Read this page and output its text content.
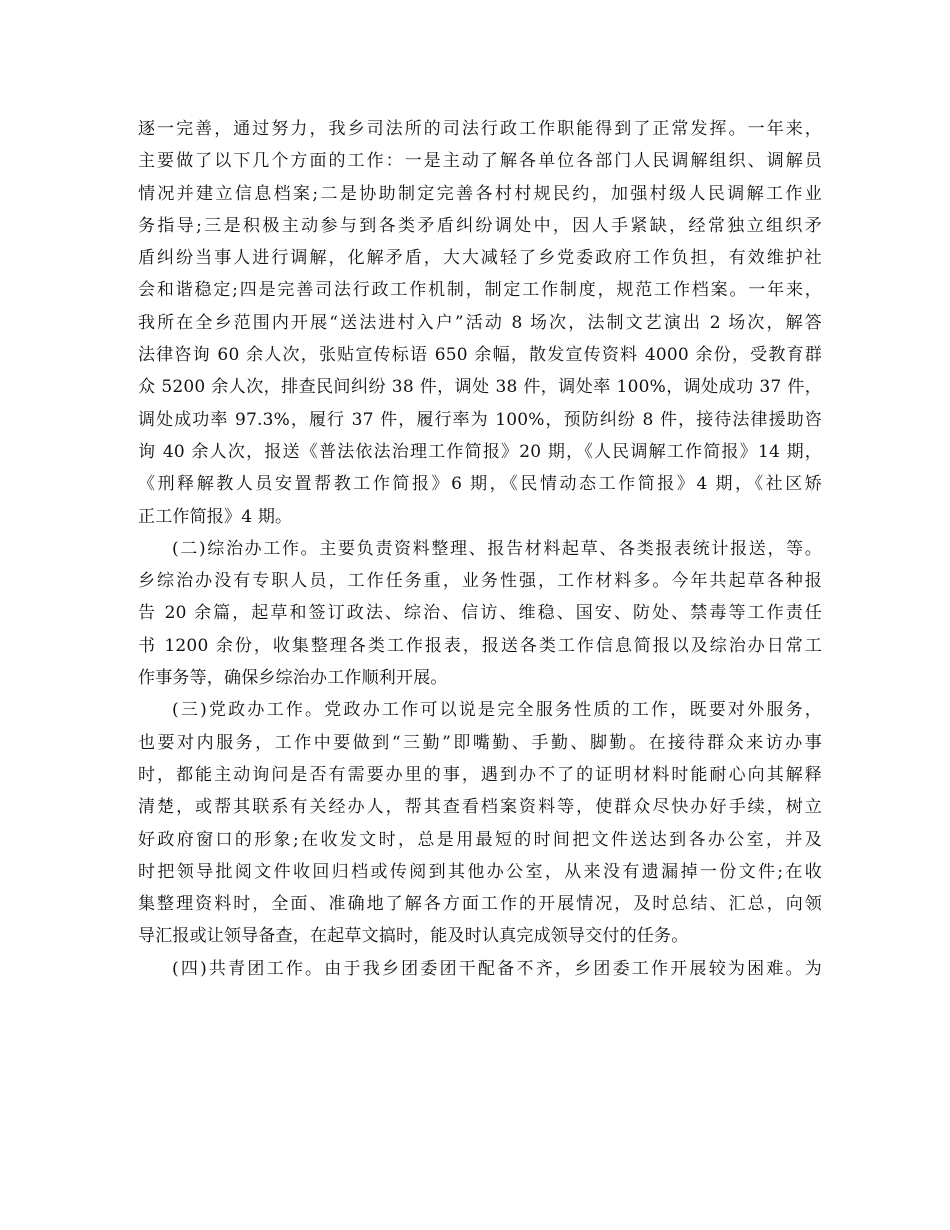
逐一完善，通过努力，我乡司法所的司法行政工作职能得到了正常发挥。一年来，
主要做了以下几个方面的工作：一是主动了解各单位各部门人民调解组织、调解员
情况并建立信息档案;二是协助制定完善各村村规民约，加强村级人民调解工作业
务指导;三是积极主动参与到各类矛盾纠纷调处中，因人手紧缺，经常独立组织矛
盾纠纷当事人进行调解，化解矛盾，大大减轻了乡党委政府工作负担，有效维护社
会和谐稳定;四是完善司法行政工作机制，制定工作制度，规范工作档案。一年来，
我所在全乡范围内开展“送法进村入户”活动 8 场次，法制文艺演出 2 场次，解答
法律咨询 60 余人次，张贴宣传标语 650 余幅，散发宣传资料 4000 余份，受教育群
众 5200 余人次，排查民间纠纷 38 件，调处 38 件，调处率 100%，调处成功 37 件，
调处成功率 97.3%，履行 37 件，履行率为 100%，预防纠纷 8 件，接待法律援助咨
询 40 余人次，报送《普法依法治理工作简报》20 期，《人民调解工作简报》14 期，
《刑释解教人员安置帮教工作简报》6 期，《民情动态工作简报》4 期，《社区矫
正工作简报》4 期。
(二)综治办工作。主要负责资料整理、报告材料起草、各类报表统计报送，等。
乡综治办没有专职人员，工作任务重，业务性强，工作材料多。今年共起草各种报
告 20 余篇，起草和签订政法、综治、信访、维稳、国安、防处、禁毒等工作责任
书 1200 余份，收集整理各类工作报表，报送各类工作信息简报以及综治办日常工
作事务等，确保乡综治办工作顺利开展。
(三)党政办工作。党政办工作可以说是完全服务性质的工作，既要对外服务，
也要对内服务，工作中要做到“三勤”即嘴勤、手勤、脚勤。在接待群众来访办事
时，都能主动询问是否有需要办里的事，遇到办不了的证明材料时能耐心向其解释
清楚，或帮其联系有关经办人，帮其查看档案资料等，使群众尽快办好手续，树立
好政府窗口的形象;在收发文时，总是用最短的时间把文件送达到各办公室，并及
时把领导批阅文件收回归档或传阅到其他办公室，从来没有遗漏掉一份文件;在收
集整理资料时，全面、准确地了解各方面工作的开展情况，及时总结、汇总，向领
导汇报或让领导备查，在起草文搞时，能及时认真完成领导交付的任务。
(四)共青团工作。由于我乡团委团干配备不齐，乡团委工作开展较为困难。为
